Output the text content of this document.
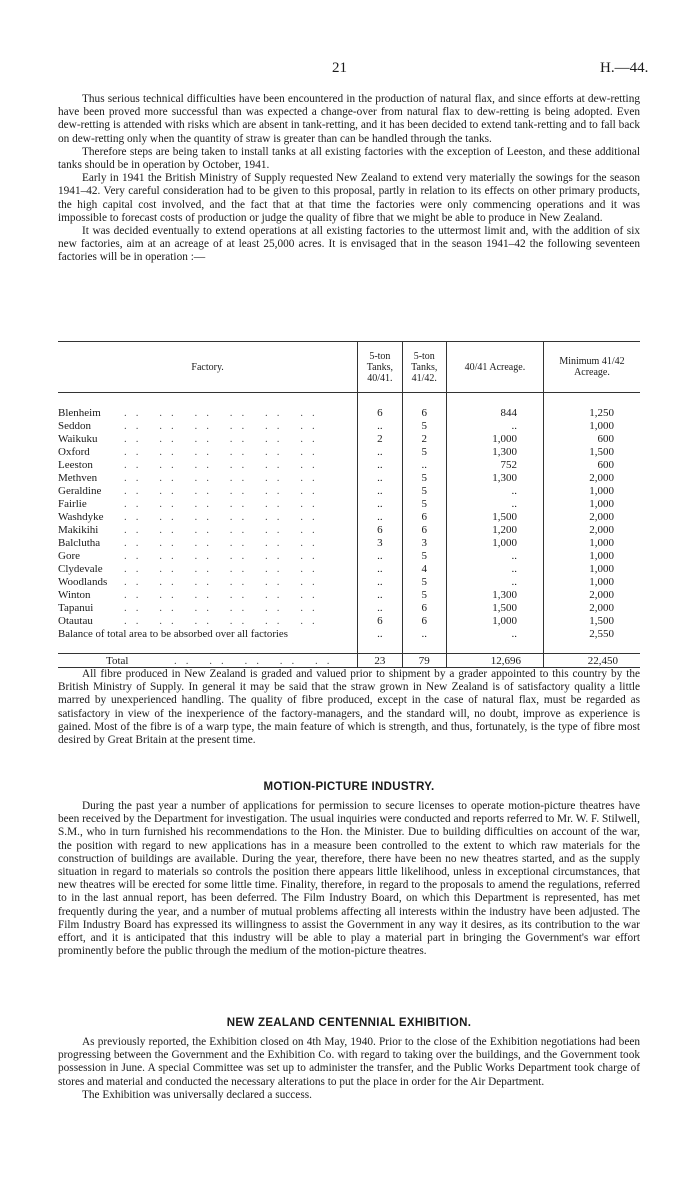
21	H.—44.

Thus serious technical difficulties have been encountered in the production of natural flax, and since efforts at dew-retting have been proved more successful than was expected a change-over from natural flax to dew-retting is being adopted. Even dew-retting is attended with risks which are absent in tank-retting, and it has been decided to extend tank-retting and to fall back on dew-retting only when the quantity of straw is greater than can be handled through the tanks.

Therefore steps are being taken to install tanks at all existing factories with the exception of Leeston, and these additional tanks should be in operation by October, 1941.

Early in 1941 the British Ministry of Supply requested New Zealand to extend very materially the sowings for the season 1941–42. Very careful consideration had to be given to this proposal, partly in relation to its effects on other primary products, the high capital cost involved, and the fact that at that time the factories were only commencing operations and it was impossible to forecast costs of production or judge the quality of fibre that we might be able to produce in New Zealand.

It was decided eventually to extend operations at all existing factories to the uttermost limit and, with the addition of six new factories, aim at an acreage of at least 25,000 acres. It is envisaged that in the season 1941–42 the following seventeen factories will be in operation :—

Factory.	5-ton Tanks, 40/41.	5-ton Tanks, 41/42.	40/41 Acreage.	Minimum 41/42 Acreage.

Blenheim .. .. .. .. .. ..	6	6	844	1,250
Seddon .. .. .. .. .. ..	..	5	..	1,000
Waikuku .. .. .. .. .. ..	2	2	1,000	600
Oxford .. .. .. .. .. ..	..	5	1,300	1,500
Leeston .. .. .. .. .. ..	..	..	752	600
Methven .. .. .. .. .. ..	..	5	1,300	2,000
Geraldine .. .. .. .. .. ..	..	5	..	1,000
Fairlie .. .. .. .. .. ..	..	5	..	1,000
Washdyke .. .. .. .. .. ..	..	6	1,500	2,000
Makikihi .. .. .. .. .. ..	6	6	1,200	2,000
Balclutha .. .. .. .. .. ..	3	3	1,000	1,000
Gore .. .. .. .. .. ..	..	5	..	1,000
Clydevale .. .. .. .. .. ..	..	4	..	1,000
Woodlands .. .. .. .. .. ..	..	5	..	1,000
Winton .. .. .. .. .. ..	..	5	1,300	2,000
Tapanui .. .. .. .. .. ..	..	6	1,500	2,000
Otautau .. .. .. .. .. ..	6	6	1,000	1,500
Balance of total area to be absorbed over all factories	..	..	..	2,550

Total .. .. .. .. ..	23	79	12,696	22,450

All fibre produced in New Zealand is graded and valued prior to shipment by a grader appointed to this country by the British Ministry of Supply. In general it may be said that the straw grown in New Zealand is of satisfactory quality a little marred by unexperienced handling. The quality of fibre produced, except in the case of natural flax, must be regarded as satisfactory in view of the inexperience of the factory-managers, and the standard will, no doubt, improve as experience is gained. Most of the fibre is of a warp type, the main feature of which is strength, and thus, fortunately, is the type of fibre most desired by Great Britain at the present time.

MOTION-PICTURE INDUSTRY.

During the past year a number of applications for permission to secure licenses to operate motion-picture theatres have been received by the Department for investigation. The usual inquiries were conducted and reports referred to Mr. W. F. Stilwell, S.M., who in turn furnished his recommendations to the Hon. the Minister. Due to building difficulties on account of the war, the position with regard to new applications has in a measure been controlled to the extent to which raw materials for the construction of buildings are available. During the year, therefore, there have been no new theatres started, and as the supply situation in regard to materials so controls the position there appears little likelihood, unless in exceptional circumstances, that new theatres will be erected for some little time. Finality, therefore, in regard to the proposals to amend the regulations, referred to in the last annual report, has been deferred. The Film Industry Board, on which this Department is represented, has met frequently during the year, and a number of mutual problems affecting all interests within the industry have been adjusted. The Film Industry Board has expressed its willingness to assist the Government in any way it desires, as its contribution to the war effort, and it is anticipated that this industry will be able to play a material part in bringing the Government's war effort prominently before the public through the medium of the motion-picture theatres.

NEW ZEALAND CENTENNIAL EXHIBITION.

As previously reported, the Exhibition closed on 4th May, 1940. Prior to the close of the Exhibition negotiations had been progressing between the Government and the Exhibition Co. with regard to taking over the buildings, and the Government took possession in June. A special Committee was set up to administer the transfer, and the Public Works Department took charge of stores and material and conducted the necessary alterations to put the place in order for the Air Department.

The Exhibition was universally declared a success.
